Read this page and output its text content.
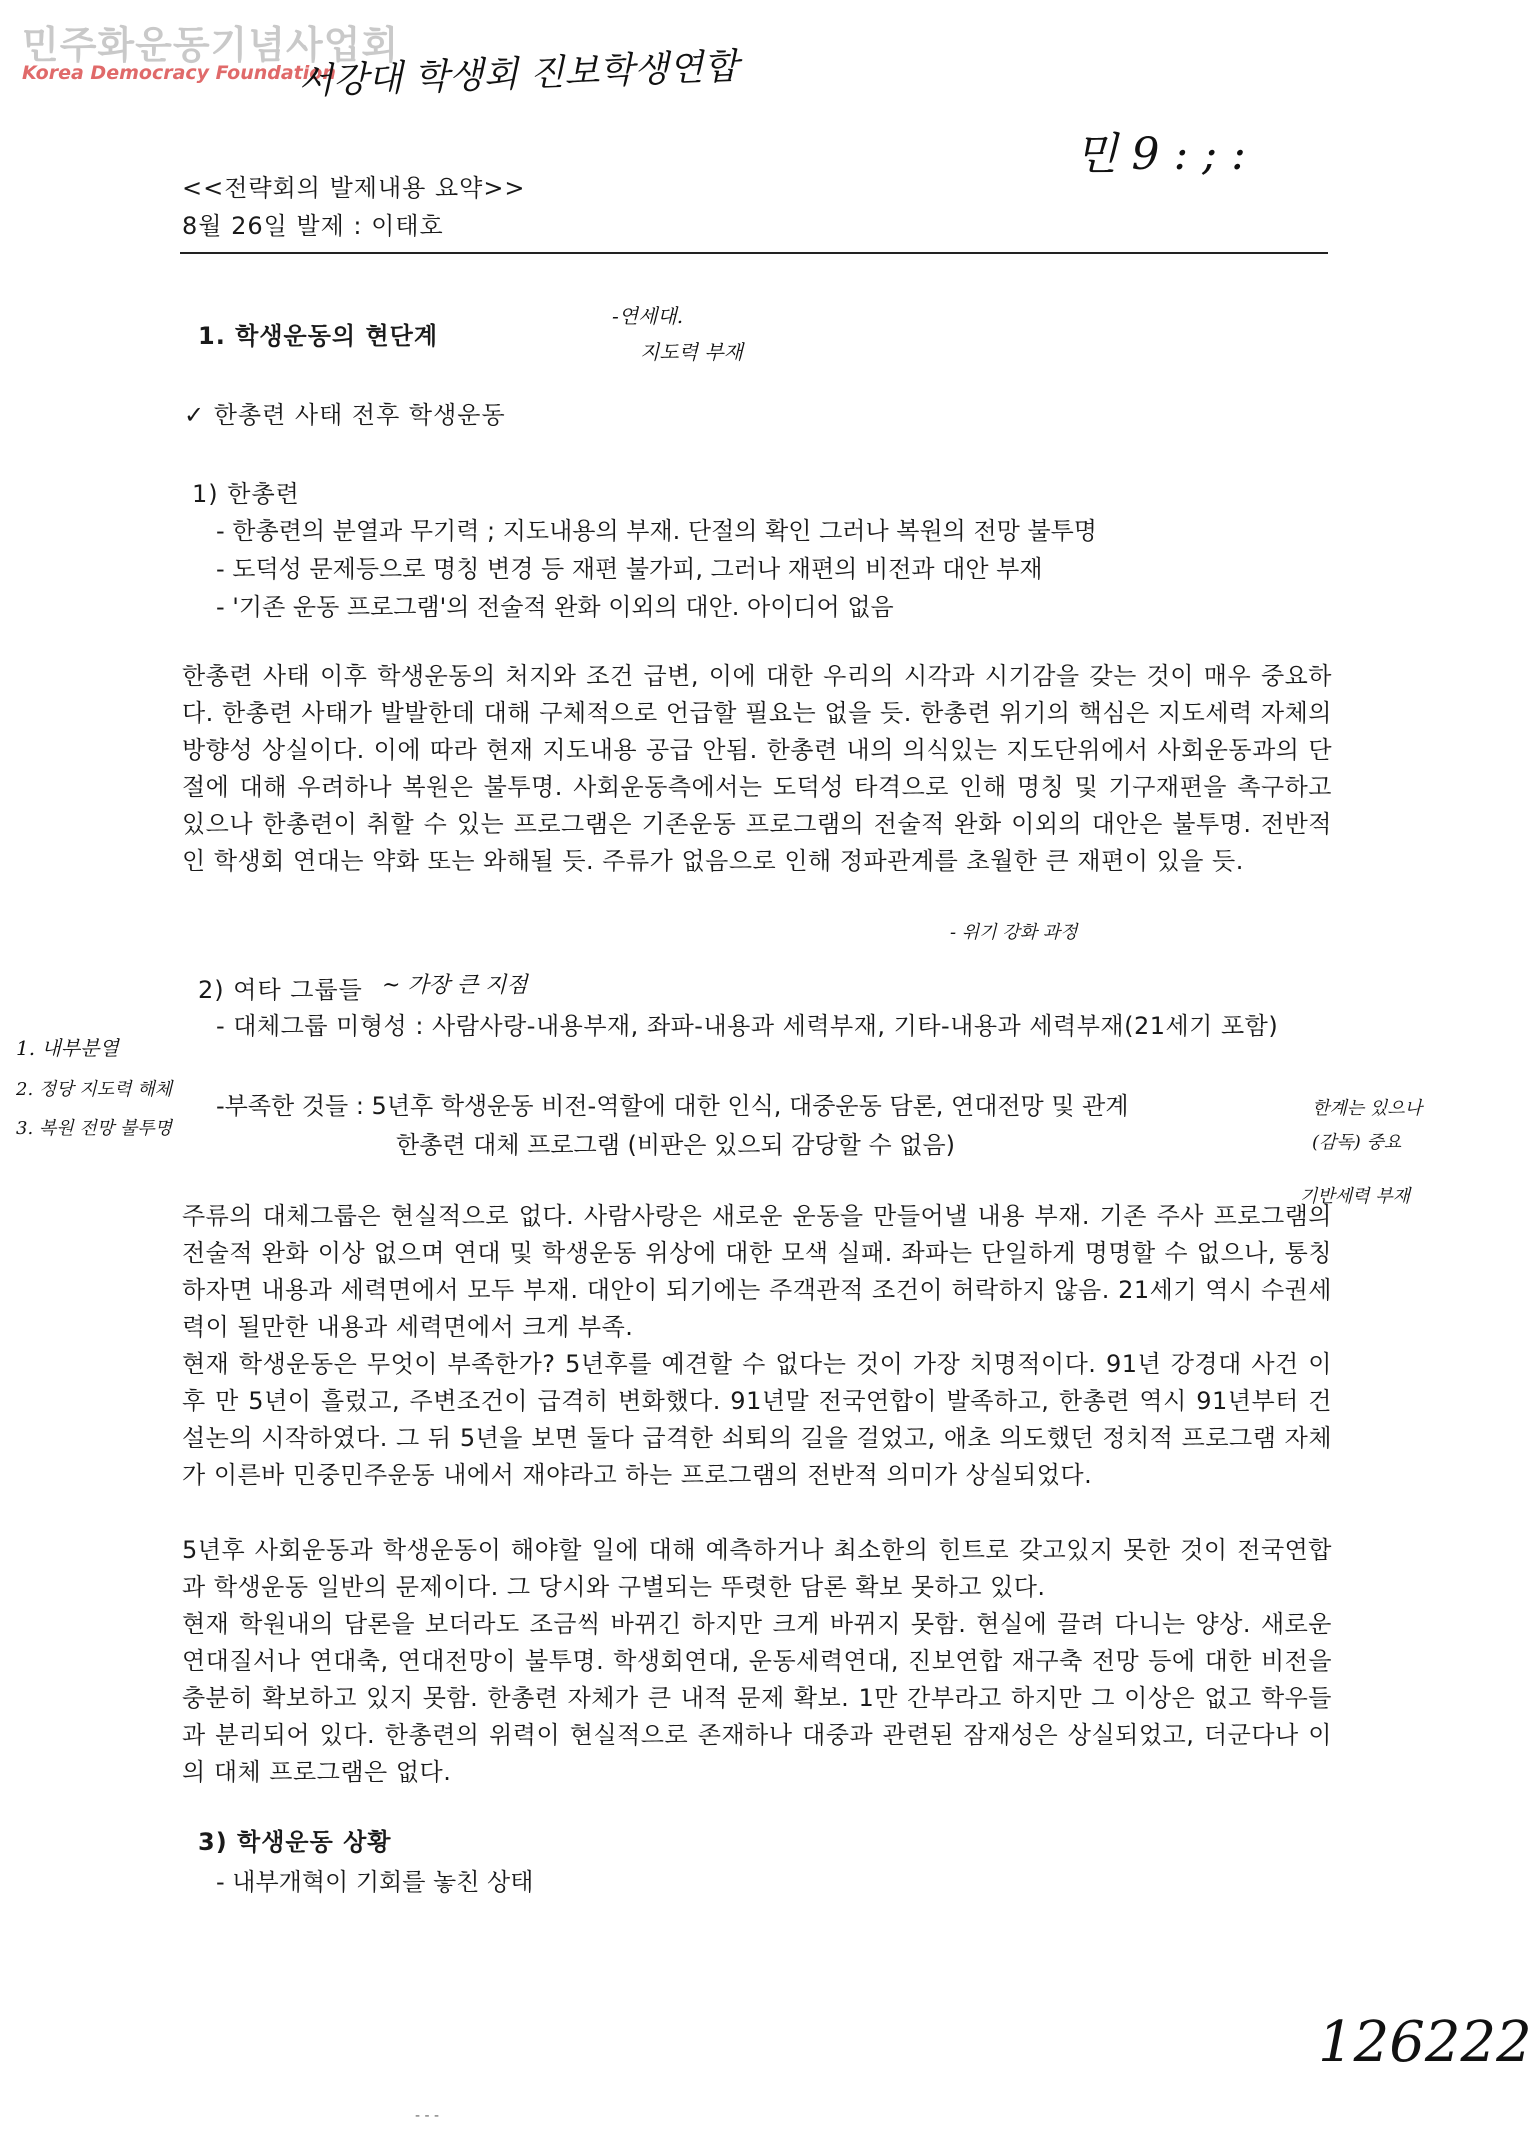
민주화운동기념사업회
Korea Democracy Foundation
서강대 학생회 진보학생연합
민 9 : ; :
<<전략회의 발제내용 요약>>
8월 26일 발제 : 이태호
1. 학생운동의 현단계
-연세대.
지도력 부재
✓ 한총련 사태 전후 학생운동
1) 한총련
- 한총련의 분열과 무기력 ; 지도내용의 부재. 단절의 확인 그러나 복원의 전망 불투명
- 도덕성 문제등으로 명칭 변경 등 재편 불가피, 그러나 재편의 비전과 대안 부재
- '기존 운동 프로그램'의 전술적 완화 이외의 대안. 아이디어 없음
한총련 사태 이후 학생운동의 처지와 조건 급변, 이에 대한 우리의 시각과 시기감을 갖는 것이 매우 중요하다. 한총련 사태가 발발한데 대해 구체적으로 언급할 필요는 없을 듯. 한총련 위기의 핵심은 지도세력 자체의 방향성 상실이다. 이에 따라 현재 지도내용 공급 안됨. 한총련 내의 의식있는 지도단위에서 사회운동과의 단절에 대해 우려하나 복원은 불투명. 사회운동측에서는 도덕성 타격으로 인해 명칭 및 기구재편을 촉구하고 있으나 한총련이 취할 수 있는 프로그램은 기존운동 프로그램의 전술적 완화 이외의 대안은 불투명. 전반적인 학생회 연대는 약화 또는 와해될 듯. 주류가 없음으로 인해 정파관계를 초월한 큰 재편이 있을 듯.
- 위기 강화 과정
2) 여타 그룹들 ~ 가장 큰 지점
- 대체그룹 미형성 : 사람사랑-내용부재, 좌파-내용과 세력부재, 기타-내용과 세력부재(21세기 포함)
-부족한 것들 : 5년후 학생운동 비전-역할에 대한 인식, 대중운동 담론, 연대전망 및 관계
한총련 대체 프로그램 (비판은 있으되 감당할 수 없음)
1. 내부분열
2. 정당 지도력 해체
3. 복원 전망 불투명
한계는 있으나
(감독) 중요
기반세력 부재
주류의 대체그룹은 현실적으로 없다. 사람사랑은 새로운 운동을 만들어낼 내용 부재. 기존 주사 프로그램의 전술적 완화 이상 없으며 연대 및 학생운동 위상에 대한 모색 실패. 좌파는 단일하게 명명할 수 없으나, 통칭하자면 내용과 세력면에서 모두 부재. 대안이 되기에는 주객관적 조건이 허락하지 않음. 21세기 역시 수권세력이 될만한 내용과 세력면에서 크게 부족.
현재 학생운동은 무엇이 부족한가? 5년후를 예견할 수 없다는 것이 가장 치명적이다. 91년 강경대 사건 이후 만 5년이 흘렀고, 주변조건이 급격히 변화했다. 91년말 전국연합이 발족하고, 한총련 역시 91년부터 건설논의 시작하였다. 그 뒤 5년을 보면 둘다 급격한 쇠퇴의 길을 걸었고, 애초 의도했던 정치적 프로그램 자체가 이른바 민중민주운동 내에서 재야라고 하는 프로그램의 전반적 의미가 상실되었다.
5년후 사회운동과 학생운동이 해야할 일에 대해 예측하거나 최소한의 힌트로 갖고있지 못한 것이 전국연합과 학생운동 일반의 문제이다. 그 당시와 구별되는 뚜렷한 담론 확보 못하고 있다.
현재 학원내의 담론을 보더라도 조금씩 바뀌긴 하지만 크게 바뀌지 못함. 현실에 끌려 다니는 양상. 새로운 연대질서나 연대축, 연대전망이 불투명. 학생회연대, 운동세력연대, 진보연합 재구축 전망 등에 대한 비전을 충분히 확보하고 있지 못함. 한총련 자체가 큰 내적 문제 확보. 1만 간부라고 하지만 그 이상은 없고 학우들과 분리되어 있다. 한총련의 위력이 현실적으로 존재하나 대중과 관련된 잠재성은 상실되었고, 더군다나 이의 대체 프로그램은 없다.
3) 학생운동 상황
- 내부개혁이 기회를 놓친 상태
126222
- - -
